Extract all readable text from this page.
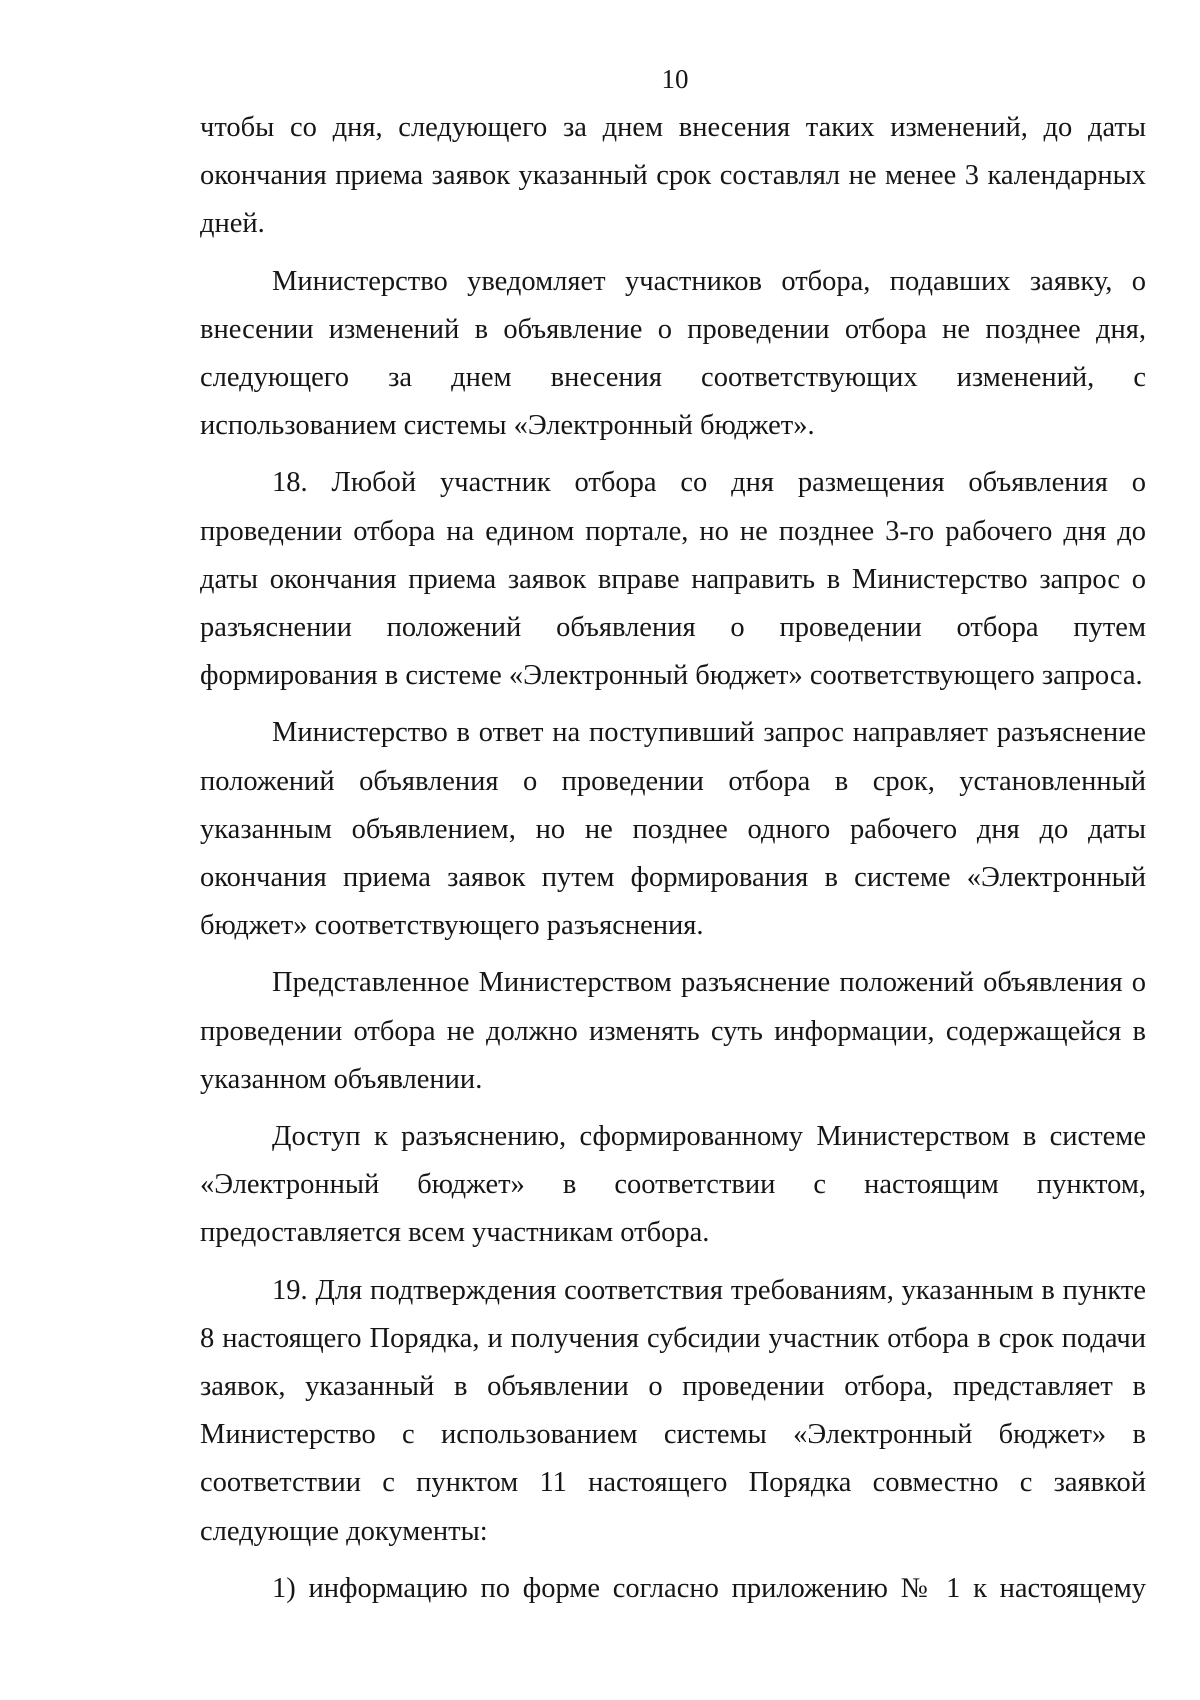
10

чтобы со дня, следующего за днем внесения таких изменений, до даты окончания приема заявок указанный срок составлял не менее 3 календарных дней.

Министерство уведомляет участников отбора, подавших заявку, о внесении изменений в объявление о проведении отбора не позднее дня, следующего за днем внесения соответствующих изменений, с использованием системы «Электронный бюджет».

18. Любой участник отбора со дня размещения объявления о проведении отбора на едином портале, но не позднее 3-го рабочего дня до даты окончания приема заявок вправе направить в Министерство запрос о разъяснении положений объявления о проведении отбора путем формирования в системе «Электронный бюджет» соответствующего запроса.

Министерство в ответ на поступивший запрос направляет разъяснение положений объявления о проведении отбора в срок, установленный указанным объявлением, но не позднее одного рабочего дня до даты окончания приема заявок путем формирования в системе «Электронный бюджет» соответствующего разъяснения.

Представленное Министерством разъяснение положений объявления о проведении отбора не должно изменять суть информации, содержащейся в указанном объявлении.

Доступ к разъяснению, сформированному Министерством в системе «Электронный бюджет» в соответствии с настоящим пунктом, предоставляется всем участникам отбора.

19. Для подтверждения соответствия требованиям, указанным в пункте 8 настоящего Порядка, и получения субсидии участник отбора в срок подачи заявок, указанный в объявлении о проведении отбора, представляет в Министерство с использованием системы «Электронный бюджет» в соответствии с пунктом 11 настоящего Порядка совместно с заявкой следующие документы:

1) информацию по форме согласно приложению № 1 к настоящему
